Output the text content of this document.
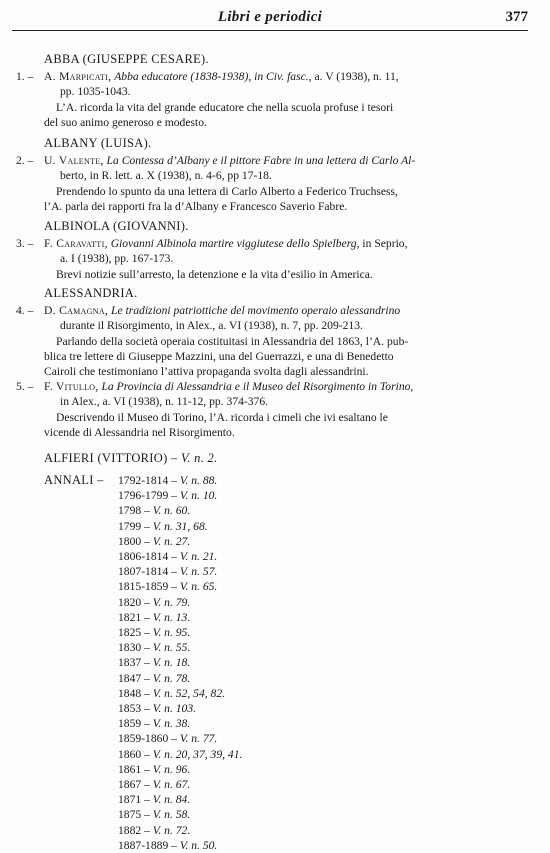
Libri e periodici	377
ABBA (GIUSEPPE CESARE).
1. – A. Marpicati, Abba educatore (1838-1938), in Civ. fasc., a. V (1938), n. 11,
pp. 1035-1043.
L’A. ricorda la vita del grande educatore che nella scuola profuse i tesori
del suo animo generoso e modesto.
ALBANY (LUISA).
2. – U. Valente, La Contessa d’Albany e il pittore Fabre in una lettera di Carlo Al-
berto, in R. lett. a. X (1938), n. 4-6, pp 17-18.
Prendendo lo spunto da una lettera di Carlo Alberto a Federico Truchsess,
l’A. parla dei rapporti fra la d’Albany e Francesco Saverio Fabre.
ALBINOLA (GIOVANNI).
3. – F. Caravatti, Giovanni Albinola martire viggiutese dello Spielberg, in Seprio,
a. I (1938), pp. 167-173.
Brevi notizie sull’arresto, la detenzione e la vita d’esilio in America.
ALESSANDRIA.
4. – D. Camagna, Le tradizioni patriottiche del movimento operaio alessandrino
durante il Risorgimento, in Alex., a. VI (1938), n. 7, pp. 209-213.
Parlando della società operaia costituitasi in Alessandria del 1863, l’A. pub-
blica tre lettere di Giuseppe Mazzini, una del Guerrazzi, e una di Benedetto
Cairoli che testimoniano l’attiva propaganda svolta dagli alessandrini.
5. – F. Vitullo, La Provincia di Alessandria e il Museo del Risorgimento in Torino,
in Alex., a. VI (1938), n. 11-12, pp. 374-376.
Descrivendo il Museo di Torino, l’A. ricorda i cimeli che ivi esaltano le
vicende di Alessandria nel Risorgimento.
ALFIERI (VITTORIO) – V. n. 2.
ANNALI – 1792-1814 – V. n. 88.
1796-1799 – V. n. 10.
1798 – V. n. 60.
1799 – V. n. 31, 68.
1800 – V. n. 27.
1806-1814 – V. n. 21.
1807-1814 – V. n. 57.
1815-1859 – V. n. 65.
1820 – V. n. 79.
1821 – V. n. 13.
1825 – V. n. 95.
1830 – V. n. 55.
1837 – V. n. 18.
1847 – V. n. 78.
1848 – V. n. 52, 54, 82.
1853 – V. n. 103.
1859 – V. n. 38.
1859-1860 – V. n. 77.
1860 – V. n. 20, 37, 39, 41.
1861 – V. n. 96.
1867 – V. n. 67.
1871 – V. n. 84.
1875 – V. n. 58.
1882 – V. n. 72.
1887-1889 – V. n. 50.
